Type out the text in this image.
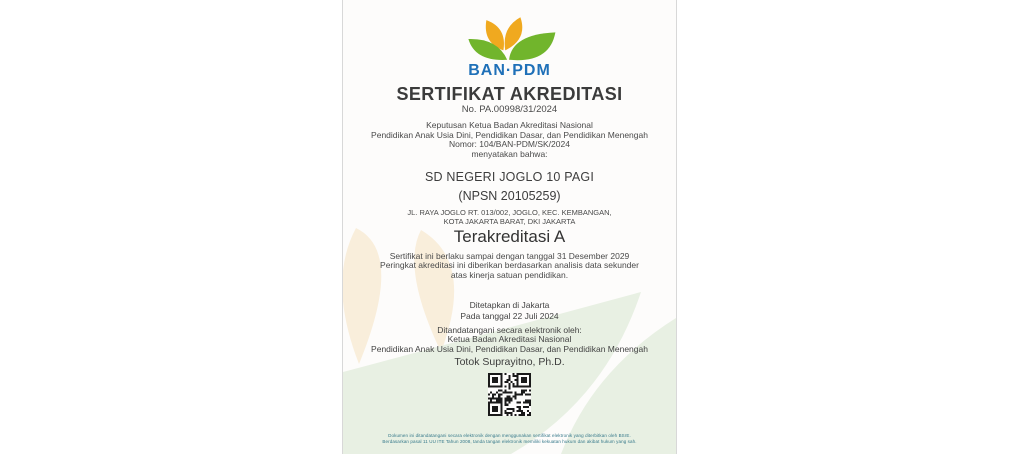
BAN·PDM
SERTIFIKAT AKREDITASI
No. PA.00998/31/2024
Keputusan Ketua Badan Akreditasi Nasional
Pendidikan Anak Usia Dini, Pendidikan Dasar, dan Pendidikan Menengah
Nomor: 104/BAN-PDM/SK/2024
menyatakan bahwa:
SD NEGERI JOGLO 10 PAGI
(NPSN 20105259)
JL. RAYA JOGLO RT. 013/002, JOGLO, KEC. KEMBANGAN,
KOTA JAKARTA BARAT, DKI JAKARTA
Terakreditasi A
Sertifikat ini berlaku sampai dengan tanggal 31 Desember 2029
Peringkat akreditasi ini diberikan berdasarkan analisis data sekunder
atas kinerja satuan pendidikan.
Ditetapkan di Jakarta
Pada tanggal 22 Juli 2024
Ditandatangani secara elektronik oleh:
Ketua Badan Akreditasi Nasional
Pendidikan Anak Usia Dini, Pendidikan Dasar, dan Pendidikan Menengah
Totok Suprayitno, Ph.D.
Dokumen ini ditandatangani secara elektronik dengan menggunakan sertifikat elektronik yang diterbitkan oleh BSrE.
Berdasarkan pasal 11 UU ITE Tahun 2008, tanda tangan elektronik memiliki kekuatan hukum dan akibat hukum yang sah.
